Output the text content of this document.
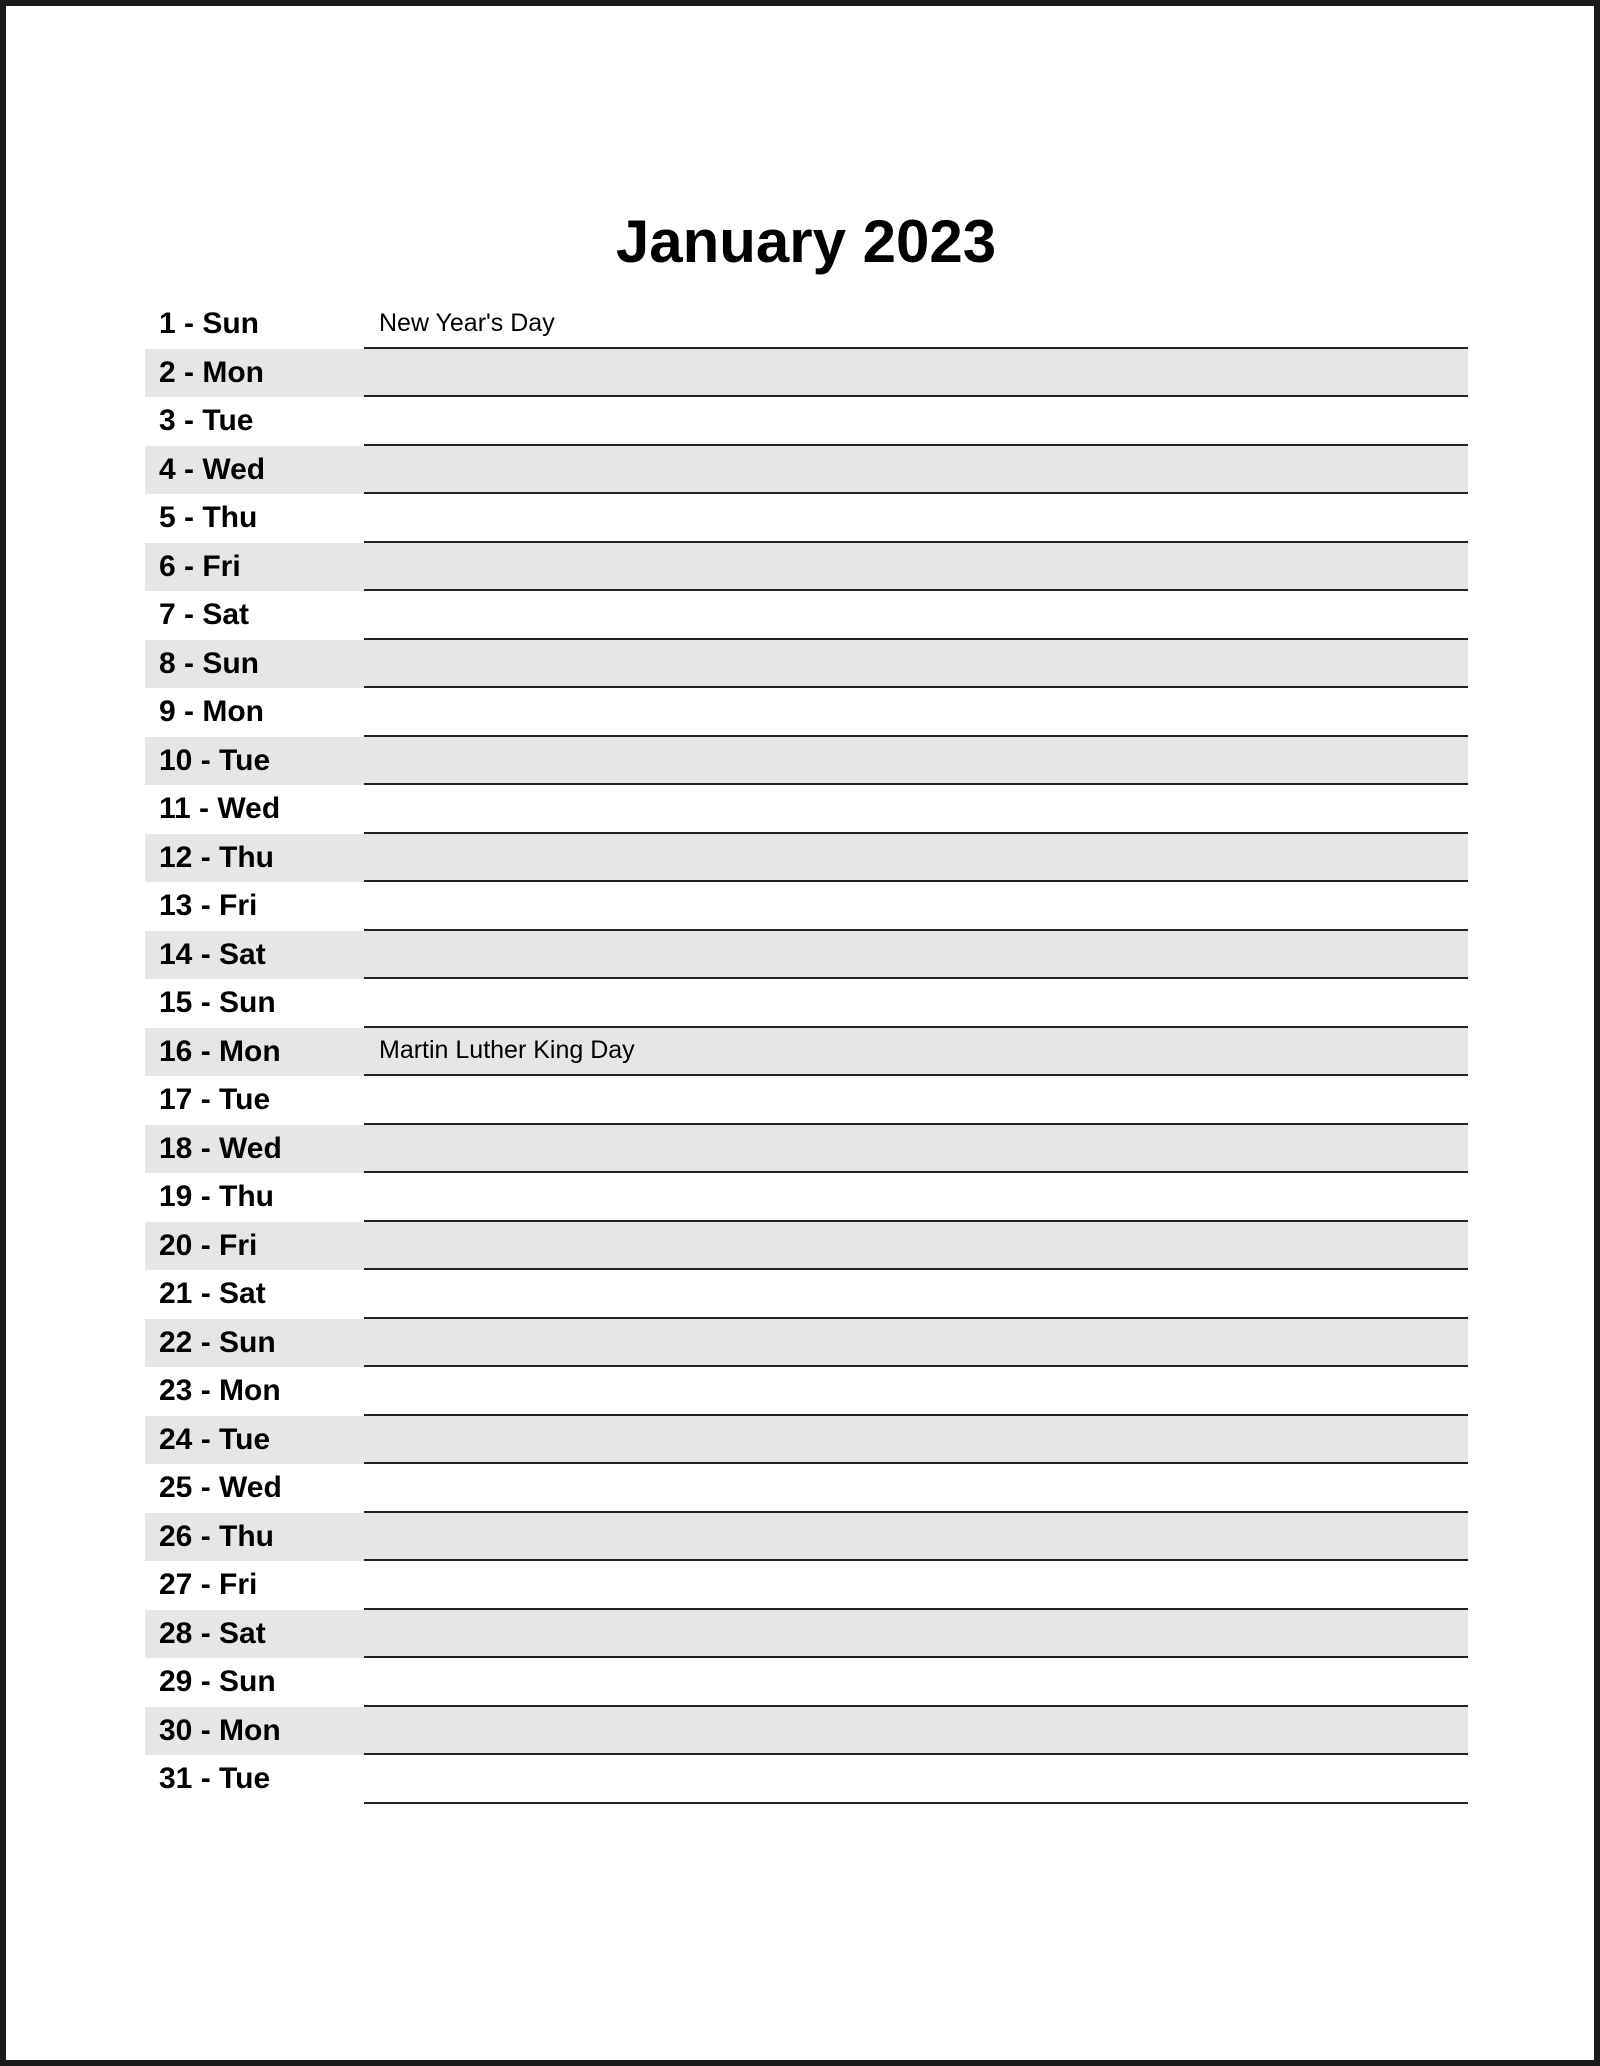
January 2023
1 - Sun	New Year's Day
2 - Mon
3 - Tue
4 - Wed
5 - Thu
6 - Fri
7 - Sat
8 - Sun
9 - Mon
10 - Tue
11 - Wed
12 - Thu
13 - Fri
14 - Sat
15 - Sun
16 - Mon	Martin Luther King Day
17 - Tue
18 - Wed
19 - Thu
20 - Fri
21 - Sat
22 - Sun
23 - Mon
24 - Tue
25 - Wed
26 - Thu
27 - Fri
28 - Sat
29 - Sun
30 - Mon
31 - Tue
